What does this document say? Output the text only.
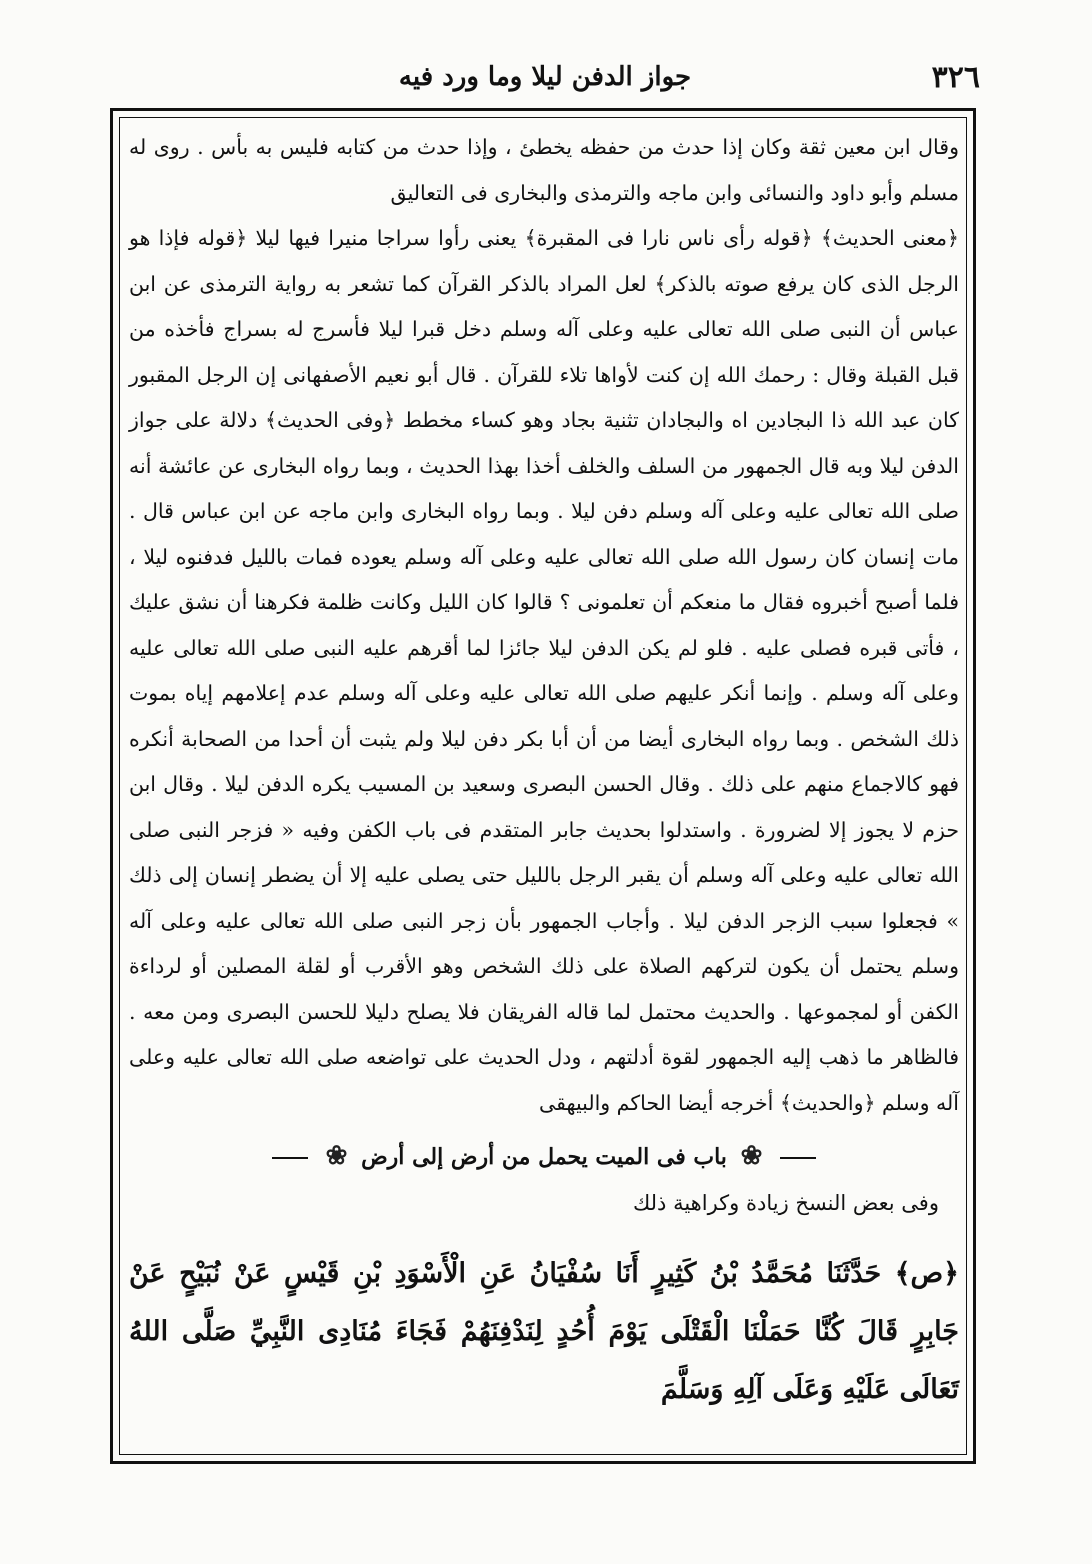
٣٢٦
جواز الدفن ليلا وما ورد فيه

وقال ابن معين ثقة وكان إذا حدث من حفظه يخطئ ، وإذا حدث من كتابه فليس به بأس . روى له مسلم وأبو داود والنسائى وابن ماجه والترمذى والبخارى فى التعاليق

﴿معنى الحديث﴾ ﴿قوله رأى ناس نارا فى المقبرة﴾ يعنى رأوا سراجا منيرا فيها ليلا ﴿قوله فإذا هو الرجل الذى كان يرفع صوته بالذكر﴾ لعل المراد بالذكر القرآن كما تشعر به رواية الترمذى عن ابن عباس أن النبى صلى الله تعالى عليه وعلى آله وسلم دخل قبرا ليلا فأسرج له بسراج فأخذه من قبل القبلة وقال : رحمك الله إن كنت لأواها تلاء للقرآن . قال أبو نعيم الأصفهانى إن الرجل المقبور كان عبد الله ذا البجادين اه والبجادان تثنية بجاد وهو كساء مخطط ﴿وفى الحديث﴾ دلالة على جواز الدفن ليلا وبه قال الجمهور من السلف والخلف أخذا بهذا الحديث ، وبما رواه البخارى عن عائشة أنه صلى الله تعالى عليه وعلى آله وسلم دفن ليلا . وبما رواه البخارى وابن ماجه عن ابن عباس قال . مات إنسان كان رسول الله صلى الله تعالى عليه وعلى آله وسلم يعوده فمات بالليل فدفنوه ليلا ، فلما أصبح أخبروه فقال ما منعكم أن تعلمونى ؟ قالوا كان الليل وكانت ظلمة فكرهنا أن نشق عليك ، فأتى قبره فصلى عليه . فلو لم يكن الدفن ليلا جائزا لما أقرهم عليه النبى صلى الله تعالى عليه وعلى آله وسلم . وإنما أنكر عليهم صلى الله تعالى عليه وعلى آله وسلم عدم إعلامهم إياه بموت ذلك الشخص . وبما رواه البخارى أيضا من أن أبا بكر دفن ليلا ولم يثبت أن أحدا من الصحابة أنكره فهو كالاجماع منهم على ذلك . وقال الحسن البصرى وسعيد بن المسيب يكره الدفن ليلا . وقال ابن حزم لا يجوز إلا لضرورة . واستدلوا بحديث جابر المتقدم فى باب الكفن وفيه « فزجر النبى صلى الله تعالى عليه وعلى آله وسلم أن يقبر الرجل بالليل حتى يصلى عليه إلا أن يضطر إنسان إلى ذلك » فجعلوا سبب الزجر الدفن ليلا . وأجاب الجمهور بأن زجر النبى صلى الله تعالى عليه وعلى آله وسلم يحتمل أن يكون لتركهم الصلاة على ذلك الشخص وهو الأقرب أو لقلة المصلين أو لرداءة الكفن أو لمجموعها . والحديث محتمل لما قاله الفريقان فلا يصلح دليلا للحسن البصرى ومن معه . فالظاهر ما ذهب إليه الجمهور لقوة أدلتهم ، ودل الحديث على تواضعه صلى الله تعالى عليه وعلى آله وسلم ﴿والحديث﴾ أخرجه أيضا الحاكم والبيهقى

❀ باب فى الميت يحمل من أرض إلى أرض ❀

وفى بعض النسخ زيادة وكراهية ذلك

﴿ص﴾ حَدَّثَنَا مُحَمَّدُ بْنُ كَثِيرٍ أَنَا سُفْيَانُ عَنِ الْأَسْوَدِ بْنِ قَيْسٍ عَنْ نُبَيْحٍ عَنْ جَابِرٍ قَالَ كُنَّا حَمَلْنَا الْقَتْلَى يَوْمَ أُحُدٍ لِنَدْفِنَهُمْ فَجَاءَ مُنَادِى النَّبِيِّ صَلَّى اللهُ تَعَالَى عَلَيْهِ وَعَلَى آلِهِ وَسَلَّمَ
